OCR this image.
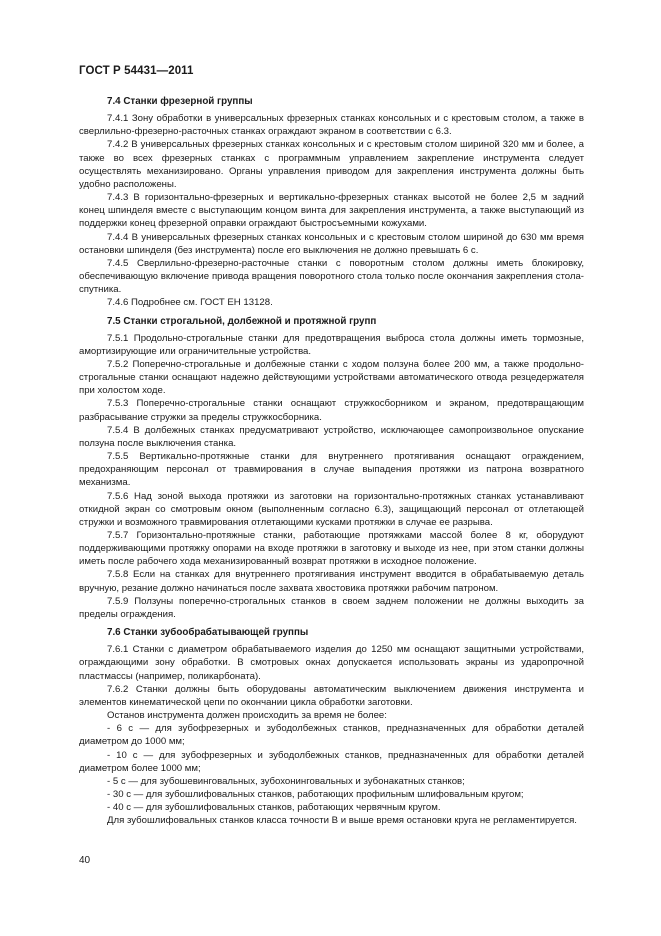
ГОСТ Р 54431—2011
7.4 Станки фрезерной группы

7.4.1 Зону обработки в универсальных фрезерных станках консольных и с крестовым столом, а также в сверлильно-фрезерно-расточных станках ограждают экраном в соответствии с 6.3.

7.4.2 В универсальных фрезерных станках консольных и с крестовым столом шириной 320 мм и более, а также во всех фрезерных станках с программным управлением закрепление инструмента следует осуществлять механизировано. Органы управления приводом для закрепления инструмента должны быть удобно расположены.

7.4.3 В горизонтально-фрезерных и вертикально-фрезерных станках высотой не более 2,5 м задний конец шпинделя вместе с выступающим концом винта для закрепления инструмента, а также выступающий из поддержки конец фрезерной оправки ограждают быстросъемными кожухами.

7.4.4 В универсальных фрезерных станках консольных и с крестовым столом шириной до 630 мм время остановки шпинделя (без инструмента) после его выключения не должно превышать 6 с.

7.4.5 Сверлильно-фрезерно-расточные станки с поворотным столом должны иметь блокировку, обеспечивающую включение привода вращения поворотного стола только после окончания закрепления стола-спутника.

7.4.6 Подробнее см. ГОСТ ЕН 13128.

7.5 Станки строгальной, долбежной и протяжной групп

7.5.1 Продольно-строгальные станки для предотвращения выброса стола должны иметь тормозные, амортизирующие или ограничительные устройства.

7.5.2 Поперечно-строгальные и долбежные станки с ходом ползуна более 200 мм, а также продольно-строгальные станки оснащают надежно действующими устройствами автоматического отвода резцедержателя при холостом ходе.

7.5.3 Поперечно-строгальные станки оснащают стружкосборником и экраном, предотвращающим разбрасывание стружки за пределы стружкосборника.

7.5.4 В долбежных станках предусматривают устройство, исключающее самопроизвольное опускание ползуна после выключения станка.

7.5.5 Вертикально-протяжные станки для внутреннего протягивания оснащают ограждением, предохраняющим персонал от травмирования в случае выпадения протяжки из патрона возвратного механизма.

7.5.6 Над зоной выхода протяжки из заготовки на горизонтально-протяжных станках устанавливают откидной экран со смотровым окном (выполненным согласно 6.3), защищающий персонал от отлетающей стружки и возможного травмирования отлетающими кусками протяжки в случае ее разрыва.

7.5.7 Горизонтально-протяжные станки, работающие протяжками массой более 8 кг, оборудуют поддерживающими протяжку опорами на входе протяжки в заготовку и выходе из нее, при этом станки должны иметь после рабочего хода механизированный возврат протяжки в исходное положение.

7.5.8 Если на станках для внутреннего протягивания инструмент вводится в обрабатываемую деталь вручную, резание должно начинаться после захвата хвостовика протяжки рабочим патроном.

7.5.9 Ползуны поперечно-строгальных станков в своем заднем положении не должны выходить за пределы ограждения.

7.6 Станки зубообрабатывающей группы

7.6.1 Станки с диаметром обрабатываемого изделия до 1250 мм оснащают защитными устройствами, ограждающими зону обработки. В смотровых окнах допускается использовать экраны из ударопрочной пластмассы (например, поликарбоната).

7.6.2 Станки должны быть оборудованы автоматическим выключением движения инструмента и элементов кинематической цепи по окончании цикла обработки заготовки.

Останов инструмента должен происходить за время не более:

- 6 с — для зубофрезерных и зубодолбежных станков, предназначенных для обработки деталей диаметром до 1000 мм;

- 10 с — для зубофрезерных и зубодолбежных станков, предназначенных для обработки деталей диаметром более 1000 мм;

- 5 с — для зубошевинговальных, зубохонинговальных и зубонакатных станков;

- 30 с — для зубошлифовальных станков, работающих профильным шлифовальным кругом;

- 40 с — для зубошлифовальных станков, работающих червячным кругом.

Для зубошлифовальных станков класса точности В и выше время остановки круга не регламентируется.

40
